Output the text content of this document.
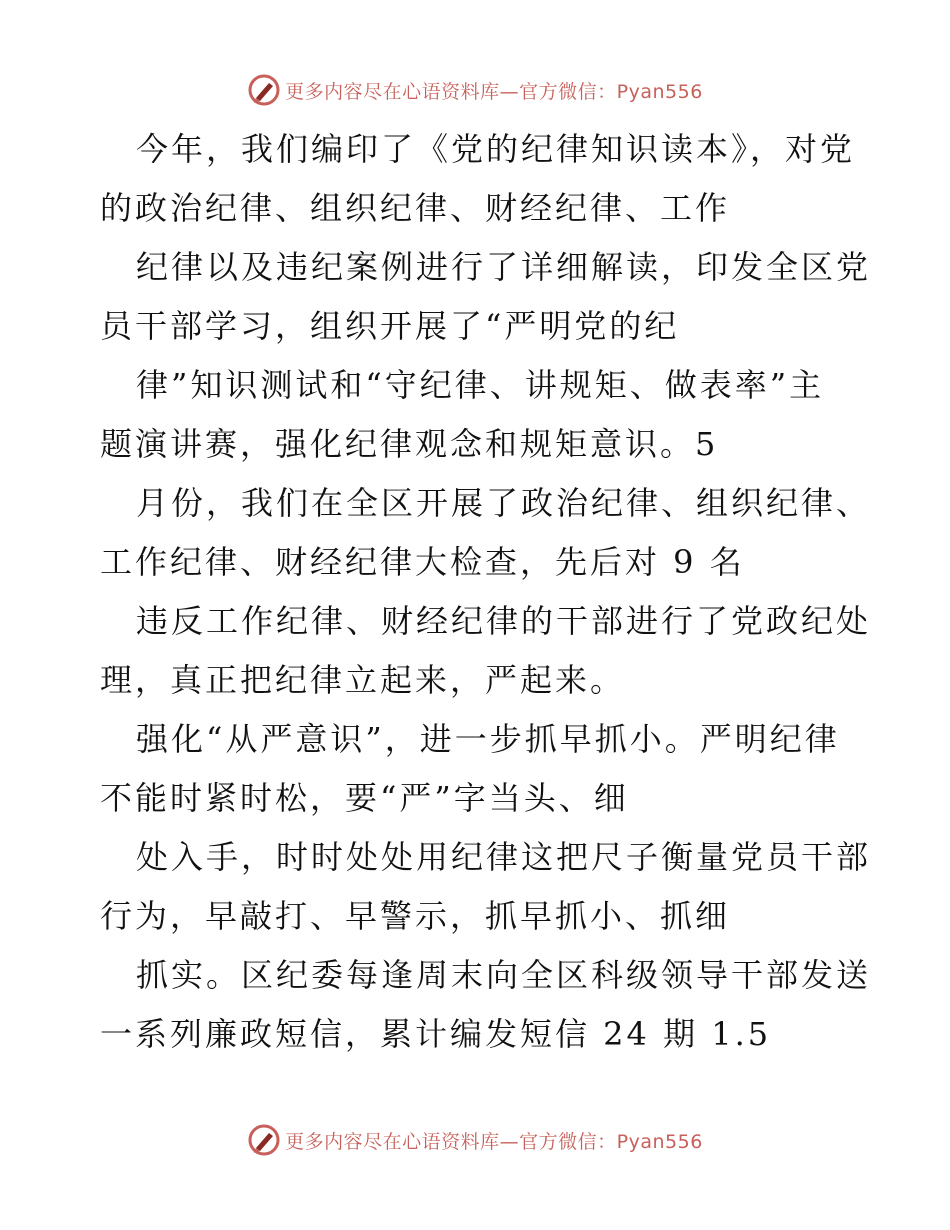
更多内容尽在心语资料库—官方微信：Pyan556
今年，我们编印了《党的纪律知识读本》，对党
的政治纪律、组织纪律、财经纪律、工作
纪律以及违纪案例进行了详细解读，印发全区党
员干部学习，组织开展了“严明党的纪
律”知识测试和“守纪律、讲规矩、做表率”主
题演讲赛，强化纪律观念和规矩意识。5
月份，我们在全区开展了政治纪律、组织纪律、
工作纪律、财经纪律大检查，先后对 9 名
违反工作纪律、财经纪律的干部进行了党政纪处
理，真正把纪律立起来，严起来。
强化“从严意识”，进一步抓早抓小。严明纪律
不能时紧时松，要“严”字当头、细
处入手，时时处处用纪律这把尺子衡量党员干部
行为，早敲打、早警示，抓早抓小、抓细
抓实。区纪委每逢周末向全区科级领导干部发送
一系列廉政短信，累计编发短信 24 期 1.5
更多内容尽在心语资料库—官方微信：Pyan556
